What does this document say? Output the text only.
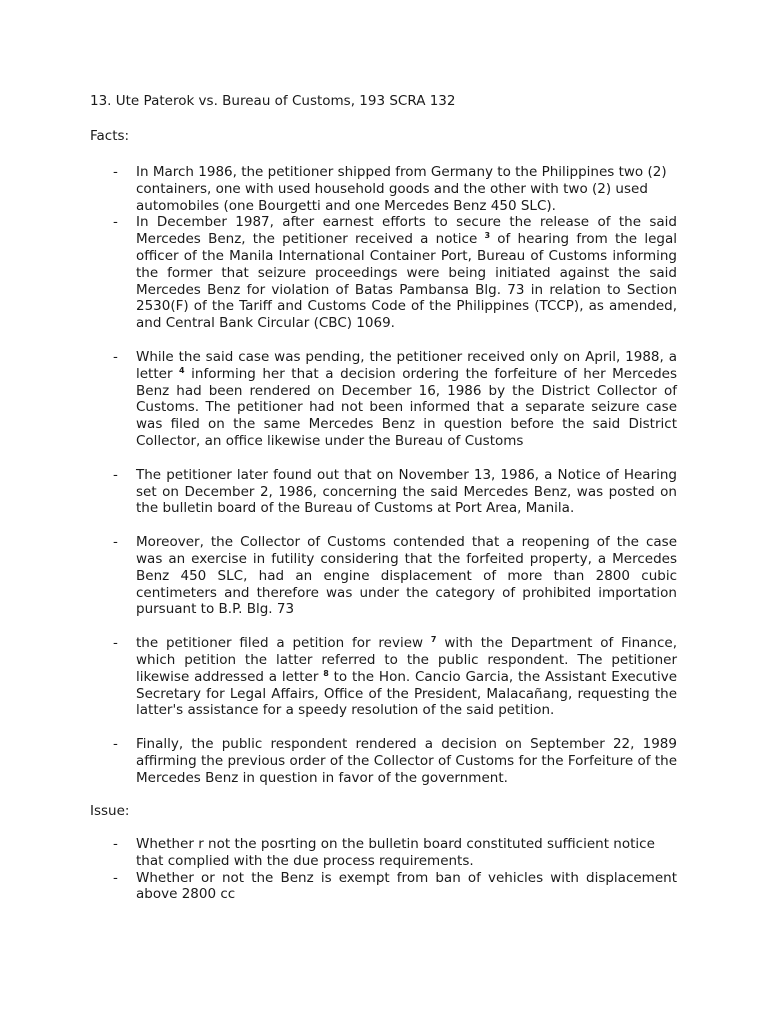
13. Ute Paterok vs. Bureau of Customs, 193 SCRA 132
Facts:
- In March 1986, the petitioner shipped from Germany to the Philippines two (2) containers, one with used household goods and the other with two (2) used automobiles (one Bourgetti and one Mercedes Benz 450 SLC).
- In December 1987, after earnest efforts to secure the release of the said Mercedes Benz, the petitioner received a notice $^3$ of hearing from the legal officer of the Manila International Container Port, Bureau of Customs informing the former that seizure proceedings were being initiated against the said Mercedes Benz for violation of Batas Pambansa Blg. 73 in relation to Section 2530(F) of the Tariff and Customs Code of the Philippines (TCCP), as amended, and Central Bank Circular (CBC) 1069.
- While the said case was pending, the petitioner received only on April, 1988, a letter $^4$ informing her that a decision ordering the forfeiture of her Mercedes Benz had been rendered on December 16, 1986 by the District Collector of Customs. The petitioner had not been informed that a separate seizure case was filed on the same Mercedes Benz in question before the said District Collector, an office likewise under the Bureau of Customs
- The petitioner later found out that on November 13, 1986, a Notice of Hearing set on December 2, 1986, concerning the said Mercedes Benz, was posted on the bulletin board of the Bureau of Customs at Port Area, Manila.
- Moreover, the Collector of Customs contended that a reopening of the case was an exercise in futility considering that the forfeited property, a Mercedes Benz 450 SLC, had an engine displacement of more than 2800 cubic centimeters and therefore was under the category of prohibited importation pursuant to B.P. Blg. 73
- the petitioner filed a petition for review $^7$ with the Department of Finance, which petition the latter referred to the public respondent. The petitioner likewise addressed a letter $^8$ to the Hon. Cancio Garcia, the Assistant Executive Secretary for Legal Affairs, Office of the President, Malacañang, requesting the latter's assistance for a speedy resolution of the said petition.
- Finally, the public respondent rendered a decision on September 22, 1989 affirming the previous order of the Collector of Customs for the Forfeiture of the Mercedes Benz in question in favor of the government.
Issue:
- Whether r not the posrting on the bulletin board constituted sufficient notice that complied with the due process requirements.
- Whether or not the Benz is exempt from ban of vehicles with displacement above 2800 cc
